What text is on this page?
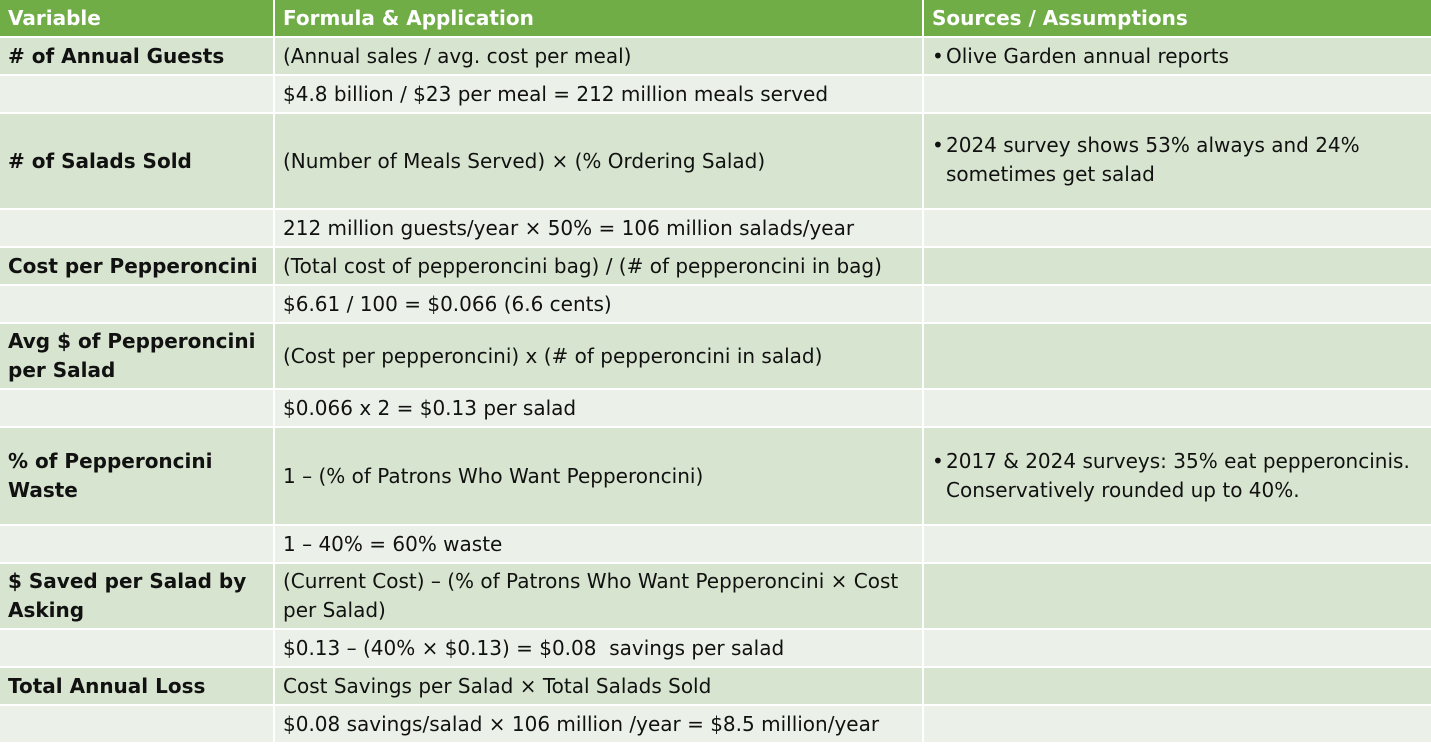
Variable	Formula & Application	Sources / Assumptions
# of Annual Guests	(Annual sales / avg. cost per meal)	• Olive Garden annual reports

	$4.8 billion / $23 per meal = 212 million meals served	
# of Salads Sold	(Number of Meals Served) × (% Ordering Salad)	• 2024 survey shows 53% always and 24% sometimes get salad

	212 million guests/year × 50% = 106 million salads/year	
Cost per Pepperoncini	(Total cost of pepperoncini bag) / (# of pepperoncini in bag)	
	$6.61 / 100 = $0.066 (6.6 cents)	
Avg $ of Pepperoncini per Salad	(Cost per pepperoncini) x (# of pepperoncini in salad)	
	$0.066 x 2 = $0.13 per salad	
% of Pepperoncini Waste	1 – (% of Patrons Who Want Pepperoncini)	• 2017 & 2024 surveys: 35% eat pepperoncinis. Conservatively rounded up to 40%.

	1 – 40% = 60% waste	
$ Saved per Salad by Asking	(Current Cost) – (% of Patrons Who Want Pepperoncini × Cost per Salad)	
	$0.13 – (40% × $0.13) = $0.08  savings per salad	
Total Annual Loss	Cost Savings per Salad × Total Salads Sold	
	$0.08 savings/salad × 106 million /year = $8.5 million/year	
